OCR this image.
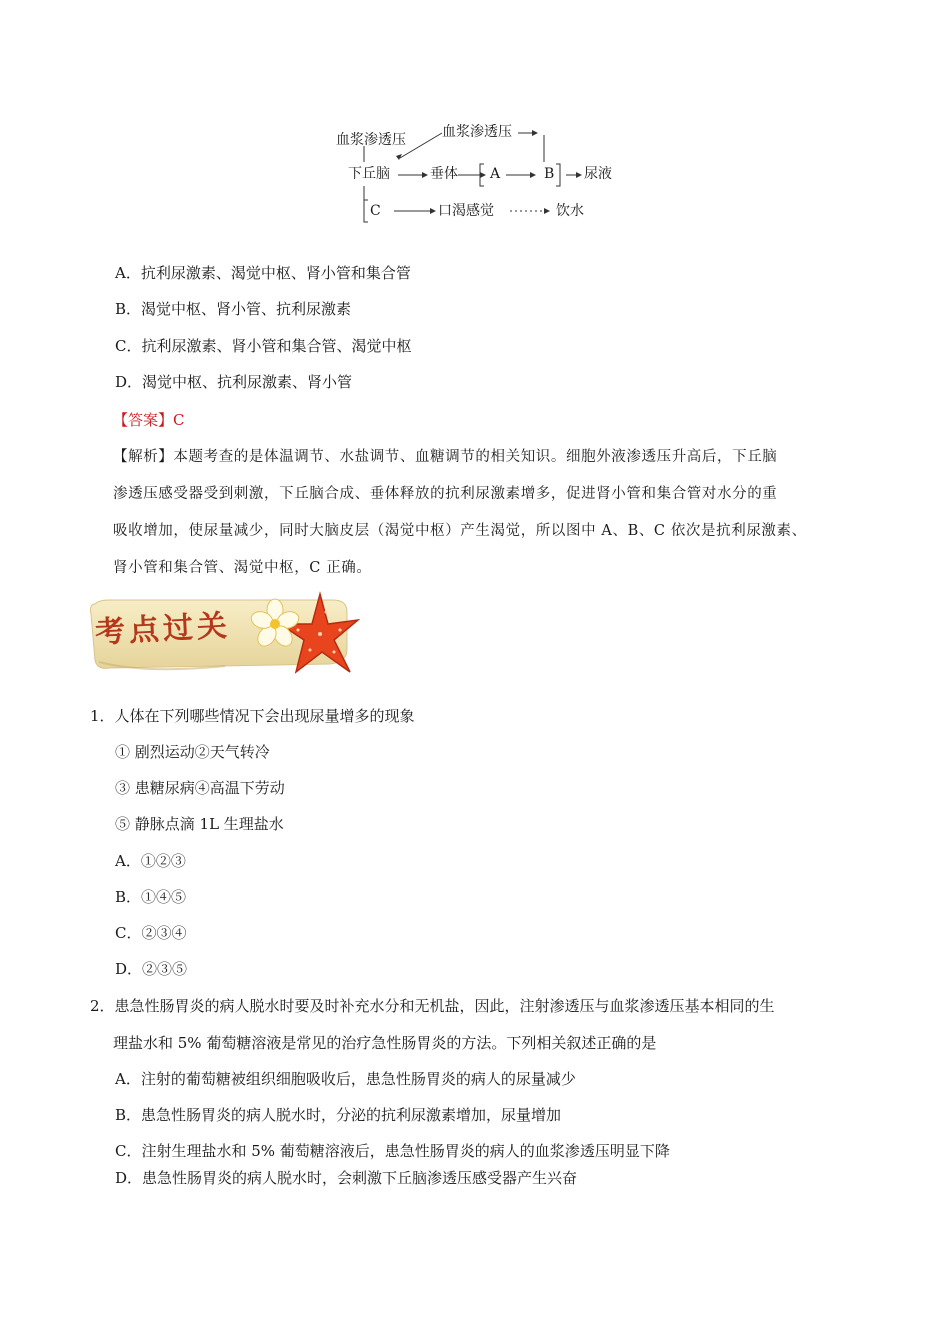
血浆渗透压	血浆渗透压
下丘脑	垂体 A	B 尿液
C	口渴感觉	饮水
A．抗利尿激素、渴觉中枢、肾小管和集合管
B．渴觉中枢、肾小管、抗利尿激素
C．抗利尿激素、肾小管和集合管、渴觉中枢
D．渴觉中枢、抗利尿激素、肾小管
【答案】C
【解析】本题考查的是体温调节、水盐调节、血糖调节的相关知识。细胞外液渗透压升高后，下丘脑
渗透压感受器受到刺激，下丘脑合成、垂体释放的抗利尿激素增多，促进肾小管和集合管对水分的重
吸收增加，使尿量减少，同时大脑皮层（渴觉中枢）产生渴觉，所以图中 A、B、C 依次是抗利尿激素、
肾小管和集合管、渴觉中枢，C 正确。
考点过关
1．人体在下列哪些情况下会出现尿量增多的现象
① 剧烈运动②天气转冷
③ 患糖尿病④高温下劳动
⑤ 静脉点滴 1L 生理盐水
A．①②③
B．①④⑤
C．②③④
D．②③⑤
2．患急性肠胃炎的病人脱水时要及时补充水分和无机盐，因此，注射渗透压与血浆渗透压基本相同的生
理盐水和 5% 葡萄糖溶液是常见的治疗急性肠胃炎的方法。下列相关叙述正确的是
A．注射的葡萄糖被组织细胞吸收后，患急性肠胃炎的病人的尿量减少
B．患急性肠胃炎的病人脱水时，分泌的抗利尿激素增加，尿量增加
C．注射生理盐水和 5% 葡萄糖溶液后，患急性肠胃炎的病人的血浆渗透压明显下降
D．患急性肠胃炎的病人脱水时，会刺激下丘脑渗透压感受器产生兴奋
